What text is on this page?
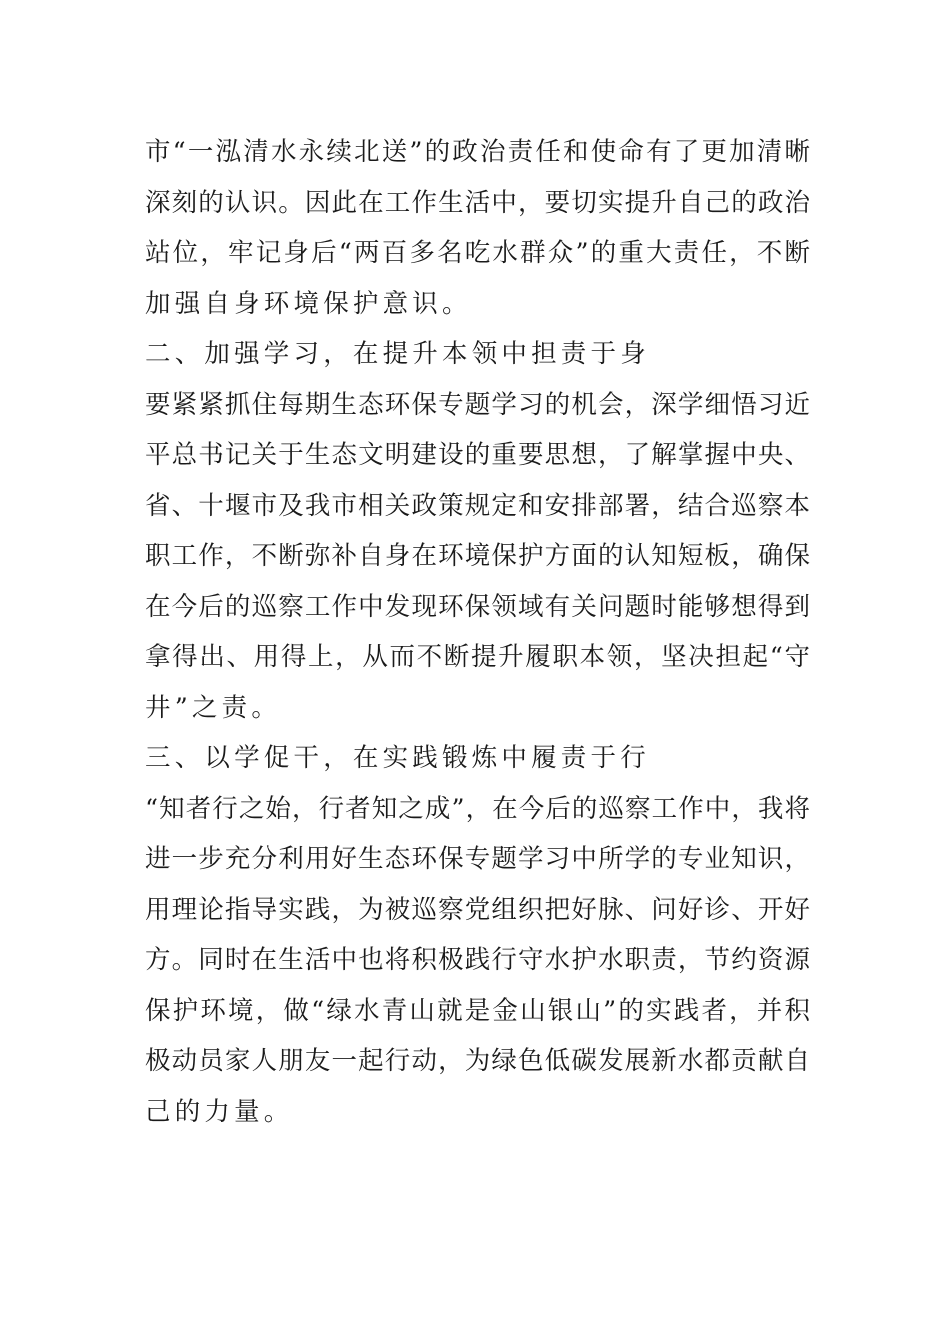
市“一泓清水永续北送”的政治责任和使命有了更加清晰
深刻的认识。因此在工作生活中，要切实提升自己的政治
站位，牢记身后“两百多名吃水群众”的重大责任，不断
加强自身环境保护意识。
二、加强学习，在提升本领中担责于身
要紧紧抓住每期生态环保专题学习的机会，深学细悟习近
平总书记关于生态文明建设的重要思想，了解掌握中央、
省、十堰市及我市相关政策规定和安排部署，结合巡察本
职工作，不断弥补自身在环境保护方面的认知短板，确保
在今后的巡察工作中发现环保领域有关问题时能够想得到
拿得出、用得上，从而不断提升履职本领，坚决担起“守
井”之责。
三、以学促干，在实践锻炼中履责于行
“知者行之始，行者知之成”，在今后的巡察工作中，我将
进一步充分利用好生态环保专题学习中所学的专业知识，
用理论指导实践，为被巡察党组织把好脉、问好诊、开好
方。同时在生活中也将积极践行守水护水职责，节约资源
保护环境，做“绿水青山就是金山银山”的实践者，并积
极动员家人朋友一起行动，为绿色低碳发展新水都贡献自
己的力量。
